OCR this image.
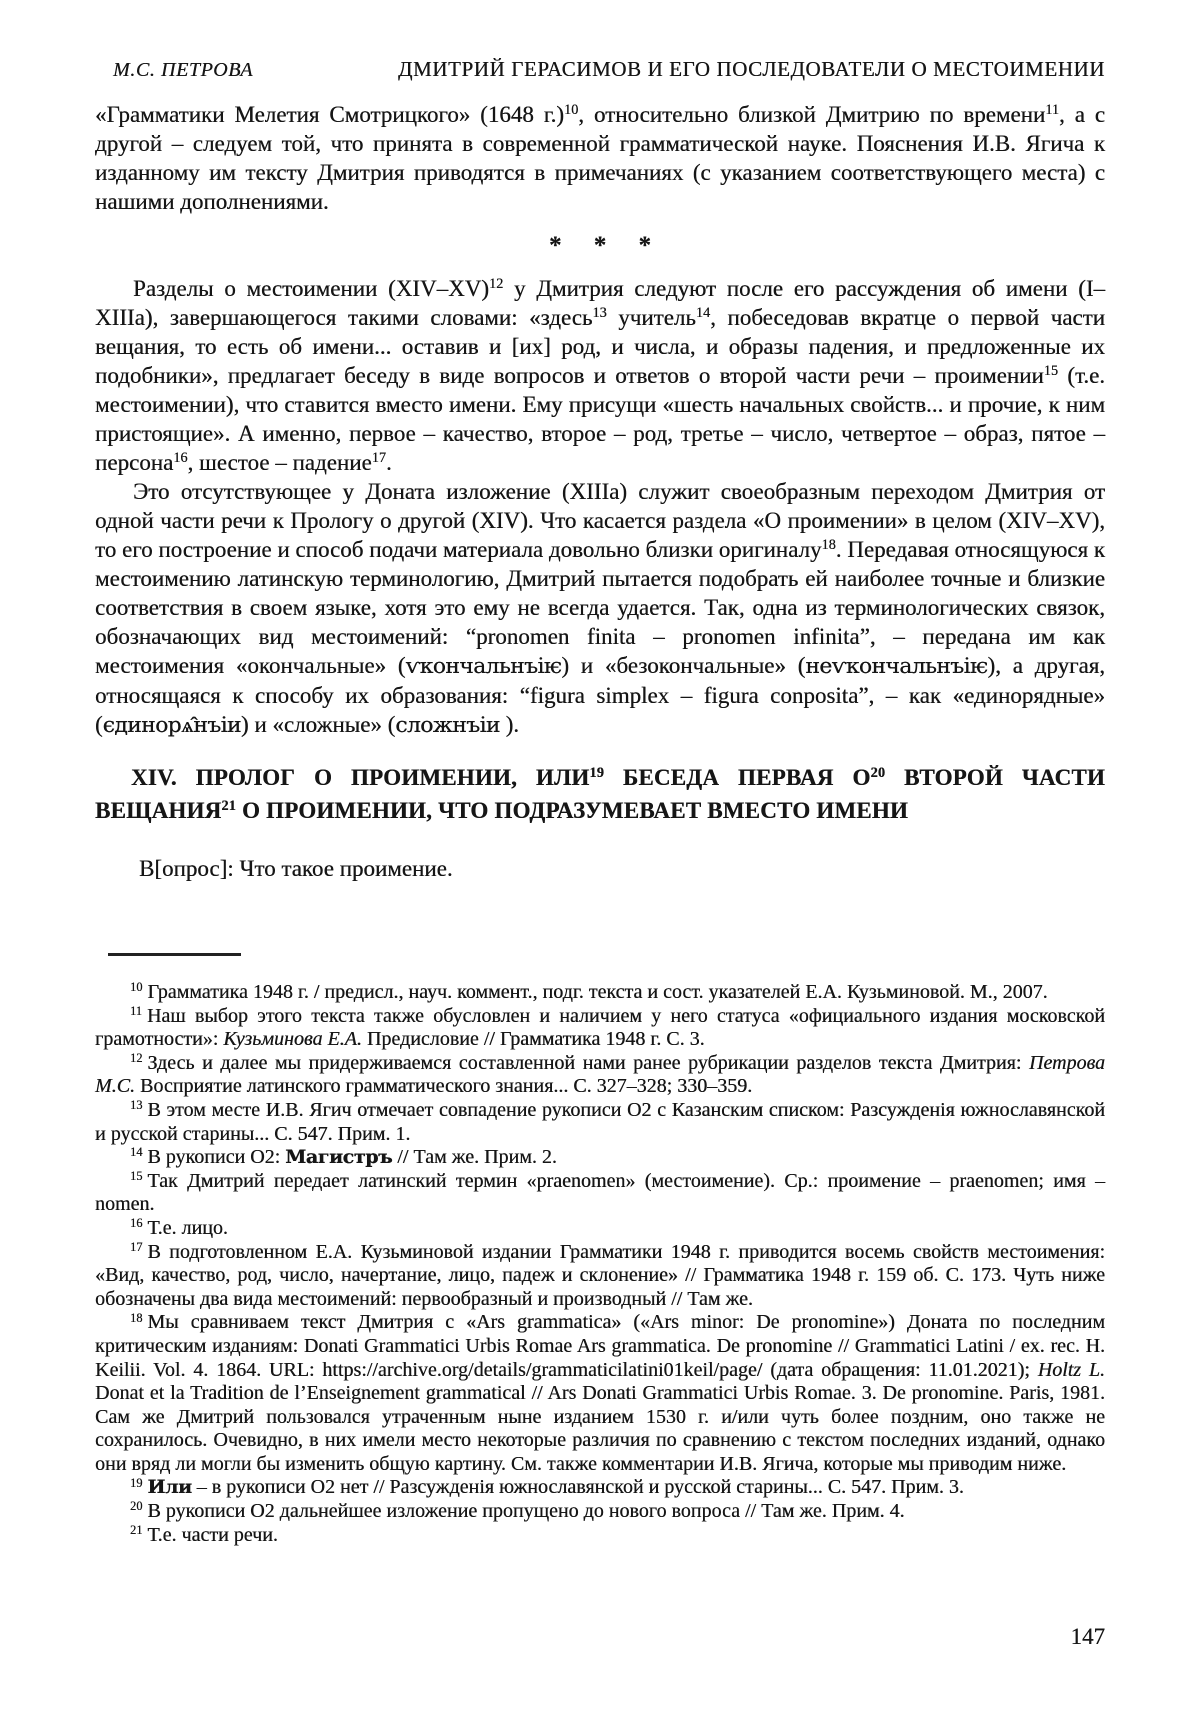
М.С. ПЕТРОВА	ДМИТРИЙ ГЕРАСИМОВ И ЕГО ПОСЛЕДОВАТЕЛИ О МЕСТОИМЕНИИ

«Грамматики Мелетия Смотрицкого» (1648 г.)$^{10}$, относительно близкой Дмитрию по времени$^{11}$, а с другой – следуем той, что принята в современной грамматической науке. Пояснения И.В. Ягича к изданному им тексту Дмитрия приводятся в примечаниях (с указанием соответствующего места) с нашими дополнениями.

* * *

Разделы о местоимении $(XIV-XV)^{12}$ у Дмитрия следуют после его рассуждения об имени (I–XIIIа), завершающегося такими словами: «здесь$^{13}$ учитель$^{14}$, побеседовав вкратце о первой части вещания, то есть об имени... оставив и [их] род, и числа, и образы падения, и предложенные их подобники», предлагает беседу в виде вопросов и ответов о второй части речи – проимении$^{15}$ (т.е. местоимении), что ставится вместо имени. Ему присущи «шесть начальных свойств... и прочие, к ним пристоящие». А именно, первое – качество, второе – род, третье – число, четвертое – образ, пятое – персона$^{16}$, шестое – падение$^{17}$.

Это отсутствующее у Доната изложение (XIIIа) служит своеобразным переходом Дмитрия от одной части речи к Прологу о другой (XIV). Что касается раздела «О проимении» в целом (XIV–XV), то его построение и способ подачи материала довольно близки оригиналу$^{18}$. Передавая относящуюся к местоимению латинскую терминологию, Дмитрий пытается подобрать ей наиболее точные и близкие соответствия в своем языке, хотя это ему не всегда удается. Так, одна из терминологических связок, обозначающих вид местоимений: “pronomen finita – pronomen infinita”, – передана им как местоимения «окончальные» (ѵкончальнъіѥ) и «безокончальные» (неѵкончальнъіѥ), а другая, относящаяся к способу их образования: “figura simplex – figura conposita”, – как «единорядные» (єдинорѧ̂нъіи) и «сложные» (сложнъіи ).

XIV. ПРОЛОГ О ПРОИМЕНИИ, ИЛИ$^{19}$ БЕСЕДА ПЕРВАЯ $О^{20}$ ВТОРОЙ ЧАСТИ ВЕЩАНИЯ$^{21}$ О ПРОИМЕНИИ, ЧТО ПОДРАЗУМЕВАЕТ ВМЕСТО ИМЕНИ

В[опрос]: Что такое проимение.

$^{10}$ Грамматика 1948 г. / предисл., науч. коммент., подг. текста и сост. указателей Е.А. Кузьминовой. М., 2007.

$^{11}$ Наш выбор этого текста также обусловлен и наличием у него статуса «официального издания московской грамотности»: Кузьминова Е.А. Предисловие // Грамматика 1948 г. С. 3.

$^{12}$ Здесь и далее мы придерживаемся составленной нами ранее рубрикации разделов текста Дмитрия: Петрова М.С. Восприятие латинского грамматического знания... С. 327–328; 330–359.

$^{13}$ В этом месте И.В. Ягич отмечает совпадение рукописи О2 с Казанским списком: Разсужденія южнославянской и русской старины... С. 547. Прим. 1.

$^{14}$ В рукописи О2: Магистръ // Там же. Прим. 2.

$^{15}$ Так Дмитрий передает латинский термин «praenomen» (местоимение). Ср.: проимение – praenomen; имя – nomen.

$^{16}$ Т.е. лицо.

$^{17}$ В подготовленном Е.А. Кузьминовой издании Грамматики 1948 г. приводится восемь свойств местоимения: «Вид, качество, род, число, начертание, лицо, падеж и склонение» // Грамматика 1948 г. 159 об. С. 173. Чуть ниже обозначены два вида местоимений: первообразный и производный // Там же.

$^{18}$ Мы сравниваем текст Дмитрия с «Ars grammatica» («Ars minor: De pronomine») Доната по последним критическим изданиям: Donati Grammatici Urbis Romae Ars grammatica. De pronomine // Grammatici Latini / ex. rec. H. Keilii. Vol. 4. 1864. URL: https://archive.org/details/grammaticilatini01keil/page/ (дата обращения: 11.01.2021); Holtz L. Donat et la Tradition de l’Enseignement grammatical // Ars Donati Grammatici Urbis Romae. 3. De pronomine. Paris, 1981. Сам же Дмитрий пользовался утраченным ныне изданием 1530 г. и/или чуть более поздним, оно также не сохранилось. Очевидно, в них имели место некоторые различия по сравнению с текстом последних изданий, однако они вряд ли могли бы изменить общую картину. См. также комментарии И.В. Ягича, которые мы приводим ниже.

$^{19}$ Или – в рукописи О2 нет // Разсужденія южнославянской и русской старины... С. 547. Прим. 3.

$^{20}$ В рукописи О2 дальнейшее изложение пропущено до нового вопроса // Там же. Прим. 4.

$^{21}$ Т.е. части речи.

147
